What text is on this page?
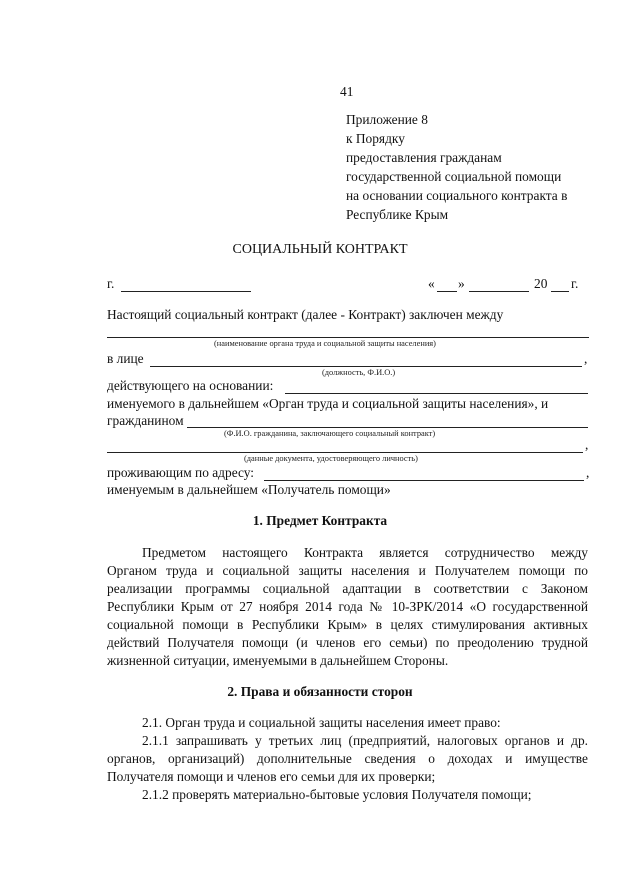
41
Приложение 8
к Порядку
предоставления гражданам
государственной социальной помощи
на основании социального контракта в
Республике Крым
СОЦИАЛЬНЫЙ КОНТРАКТ
г.	« »	20 г.
Настоящий социальный контракт (далее - Контракт) заключен между
(наименование органа труда и социальной защиты населения)
в лице	,
(должность, Ф.И.О.)
действующего на основании:
именуемого в дальнейшем «Орган труда и социальной защиты населения», и
гражданином
(Ф.И.О. гражданина, заключающего социальный контракт)
,
(данные документа, удостоверяющего личность)
проживающим по адресу:	,
именуемым в дальнейшем «Получатель помощи»
1. Предмет Контракта
Предметом настоящего Контракта является сотрудничество между
Органом труда и социальной защиты населения и Получателем помощи по
реализации программы социальной адаптации в соответствии с Законом
Республики Крым от 27 ноября 2014 года № 10-ЗРК/2014 «О государственной
социальной помощи в Республики Крым» в целях стимулирования активных
действий Получателя помощи (и членов его семьи) по преодолению трудной
жизненной ситуации, именуемыми в дальнейшем Стороны.
2. Права и обязанности сторон
2.1. Орган труда и социальной защиты населения имеет право:
2.1.1 запрашивать у третьих лиц (предприятий, налоговых органов и др.
органов, организаций) дополнительные сведения о доходах и имуществе
Получателя помощи и членов его семьи для их проверки;
2.1.2 проверять материально-бытовые условия Получателя помощи;
